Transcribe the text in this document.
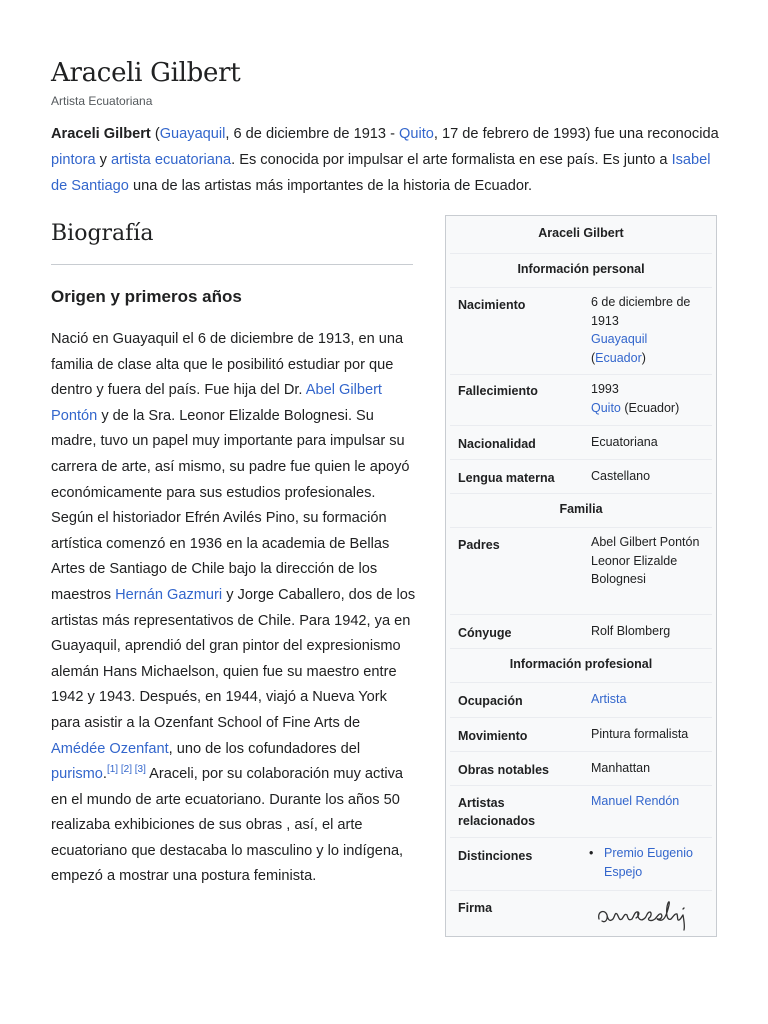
Araceli Gilbert
Artista Ecuatoriana

Araceli Gilbert (Guayaquil, 6 de diciembre de 1913 - Quito, 17 de febrero de 1993) fue una reconocida pintora y artista ecuatoriana. Es conocida por impulsar el arte formalista en ese país. Es junto a Isabel de Santiago una de las artistas más importantes de la historia de Ecuador.

Biografía
Origen y primeros años

Nació en Guayaquil el 6 de diciembre de 1913, en una familia de clase alta que le posibilitó estudiar por que dentro y fuera del país. Fue hija del Dr. Abel Gilbert Pontón y de la Sra. Leonor Elizalde Bolognesi. Su madre, tuvo un papel muy importante para impulsar su carrera de arte, así mismo, su padre fue quien le apoyó económicamente para sus estudios profesionales. Según el historiador Efrén Avilés Pino, su formación artística comenzó en 1936 en la academia de Bellas Artes de Santiago de Chile bajo la dirección de los maestros Hernán Gazmuri y Jorge Caballero, dos de los artistas más representativos de Chile. Para 1942, ya en Guayaquil, aprendió del gran pintor del expresionismo alemán Hans Michaelson, quien fue su maestro entre 1942 y 1943. Después, en 1944, viajó a Nueva York para asistir a la Ozenfant School of Fine Arts de Amédée Ozenfant, uno de los cofundadores del purismo.[1] [2] [3] Araceli, por su colaboración muy activa en el mundo de arte ecuatoriano. Durante los años 50 realizaba exhibiciones de sus obras , así, el arte ecuatoriano que destacaba lo masculino y lo indígena, empezó a mostrar una postura feminista.

Araceli Gilbert
Información personal
Nacimiento	6 de diciembre de 1913
Guayaquil
(Ecuador)
Fallecimiento	1993
Quito (Ecuador)
Nacionalidad	Ecuatoriana
Lengua materna	Castellano
Familia
Padres	Abel Gilbert Pontón
Leonor Elizalde Bolognesi
Cónyuge	Rolf Blomberg
Información profesional
Ocupación	Artista
Movimiento	Pintura formalista
Obras notables	Manhattan
Artistas relacionados
Manuel Rendón
Distinciones
•	Premio Eugenio Espejo
Firma
